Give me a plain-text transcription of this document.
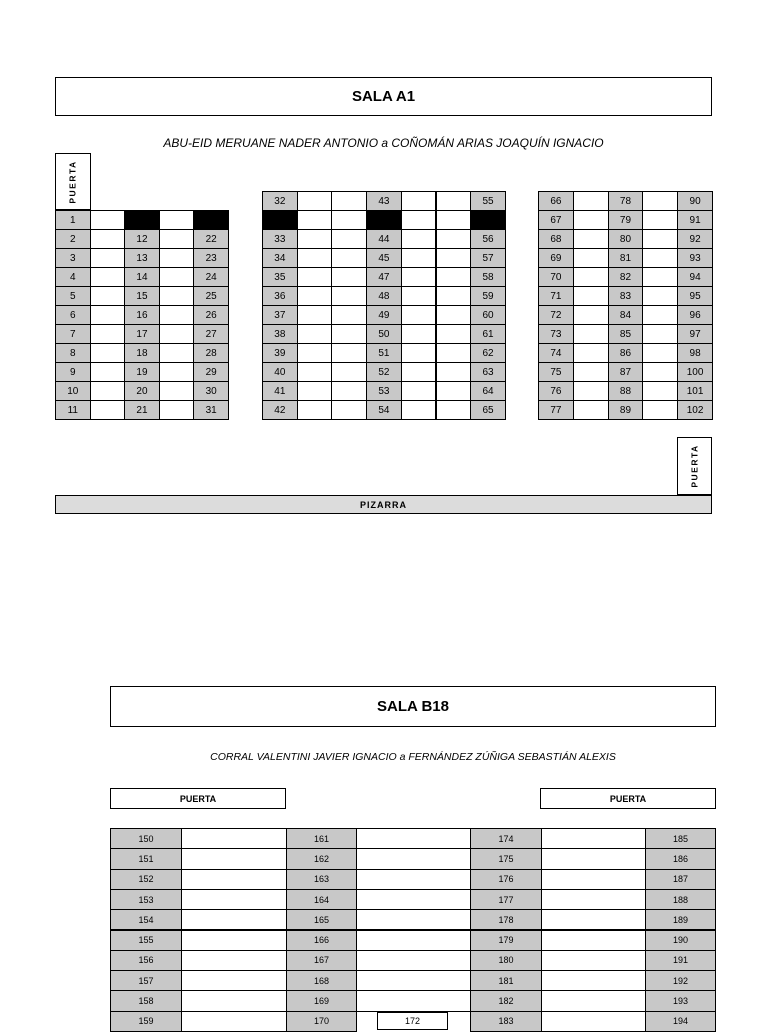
SALA A1
ABU-EID MERUANE NADER ANTONIO a COÑOMÁN ARIAS JOAQUÍN IGNACIO
PUERTA
1
2	12	22
3	13	23
4	14	24
5	15	25
6	16	26
7	17	27
8	18	28
9	19	29
10	20	30
11	21	31
32	43	55
33	44	56
34	45	57
35	47	58
36	48	59
37	49	60
38	50	61
39	51	62
40	52	63
41	53	64
42	54	65
66	78	90
67	79	91
68	80	92
69	81	93
70	82	94
71	83	95
72	84	96
73	85	97
74	86	98
75	87	100
76	88	101
77	89	102
PUERTA
PIZARRA
SALA B18
CORRAL VALENTINI JAVIER IGNACIO a FERNÁNDEZ ZÚÑIGA SEBASTIÁN ALEXIS
PUERTA	PUERTA
150	161	174	185
151	162	175	186
152	163	176	187
153	164	177	188
154	165	178	189
155	166	179	190
156	167	180	191
157	168	181	192
158	169	182	193
159	170	183	194
172
